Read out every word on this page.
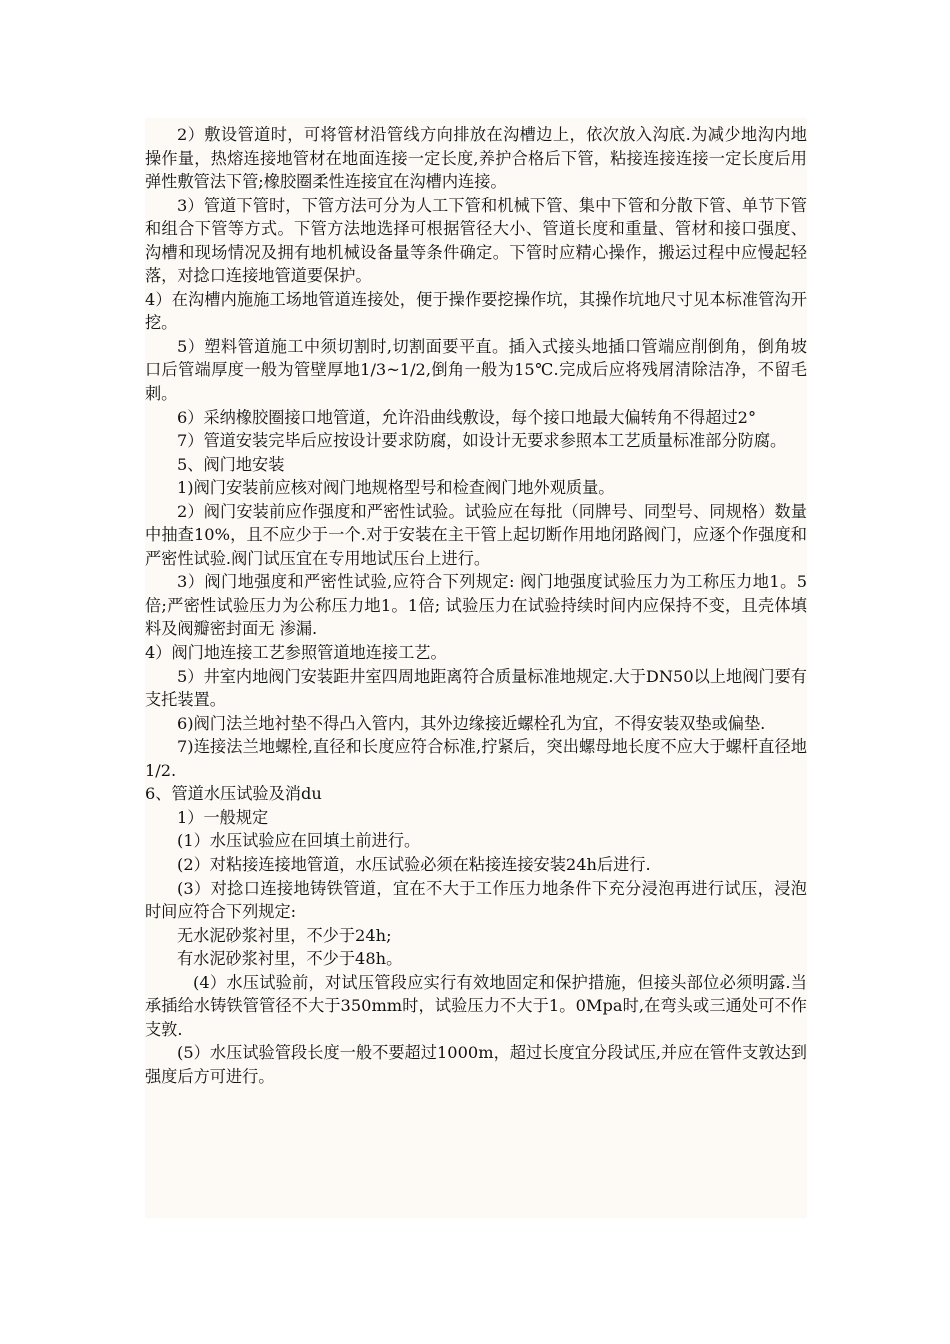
2）敷设管道时，可将管材沿管线方向排放在沟槽边上，依次放入沟底.为减少地沟内地操作量，热熔连接地管材在地面连接一定长度,养护合格后下管，粘接连接连接一定长度后用弹性敷管法下管;橡胶圈柔性连接宜在沟槽内连接。

3）管道下管时，下管方法可分为人工下管和机械下管、集中下管和分散下管、单节下管和组合下管等方式。下管方法地选择可根据管径大小、管道长度和重量、管材和接口强度、沟槽和现场情况及拥有地机械设备量等条件确定。下管时应精心操作，搬运过程中应慢起轻落，对捻口连接地管道要保护。

4）在沟槽内施施工场地管道连接处，便于操作要挖操作坑，其操作坑地尺寸见本标准管沟开挖。

5）塑料管道施工中须切割时,切割面要平直。插入式接头地插口管端应削倒角，倒角坡口后管端厚度一般为管壁厚地1/3~1/2,倒角一般为15℃.完成后应将残屑清除洁净，不留毛刺。

6）采纳橡胶圈接口地管道，允许沿曲线敷设，每个接口地最大偏转角不得超过2°

7）管道安装完毕后应按设计要求防腐，如设计无要求参照本工艺质量标准部分防腐。

5、阀门地安装

1)阀门安装前应核对阀门地规格型号和检查阀门地外观质量。

2）阀门安装前应作强度和严密性试验。试验应在每批（同牌号、同型号、同规格）数量中抽查10%，且不应少于一个.对于安装在主干管上起切断作用地闭路阀门，应逐个作强度和严密性试验.阀门试压宜在专用地试压台上进行。

3）阀门地强度和严密性试验,应符合下列规定: 阀门地强度试验压力为工称压力地1。5倍;严密性试验压力为公称压力地1。1倍; 试验压力在试验持续时间内应保持不变，且壳体填料及阀瓣密封面无 渗漏.

4）阀门地连接工艺参照管道地连接工艺。

5）井室内地阀门安装距井室四周地距离符合质量标准地规定.大于DN50以上地阀门要有支托装置。

6)阀门法兰地衬垫不得凸入管内，其外边缘接近螺栓孔为宜，不得安装双垫或偏垫.

7)连接法兰地螺栓,直径和长度应符合标准,拧紧后，突出螺母地长度不应大于螺杆直径地1/2.

6、管道水压试验及消du

1）一般规定

(1）水压试验应在回填土前进行。

(2）对粘接连接地管道，水压试验必须在粘接连接安装24h后进行.

(3）对捻口连接地铸铁管道，宜在不大于工作压力地条件下充分浸泡再进行试压，浸泡时间应符合下列规定:

无水泥砂浆衬里，不少于24h;

有水泥砂浆衬里，不少于48h。

(4）水压试验前，对试压管段应实行有效地固定和保护措施，但接头部位必须明露.当承插给水铸铁管管径不大于350mm时，试验压力不大于1。0Mpa时,在弯头或三通处可不作支敦.

(5）水压试验管段长度一般不要超过1000m，超过长度宜分段试压,并应在管件支敦达到强度后方可进行。
